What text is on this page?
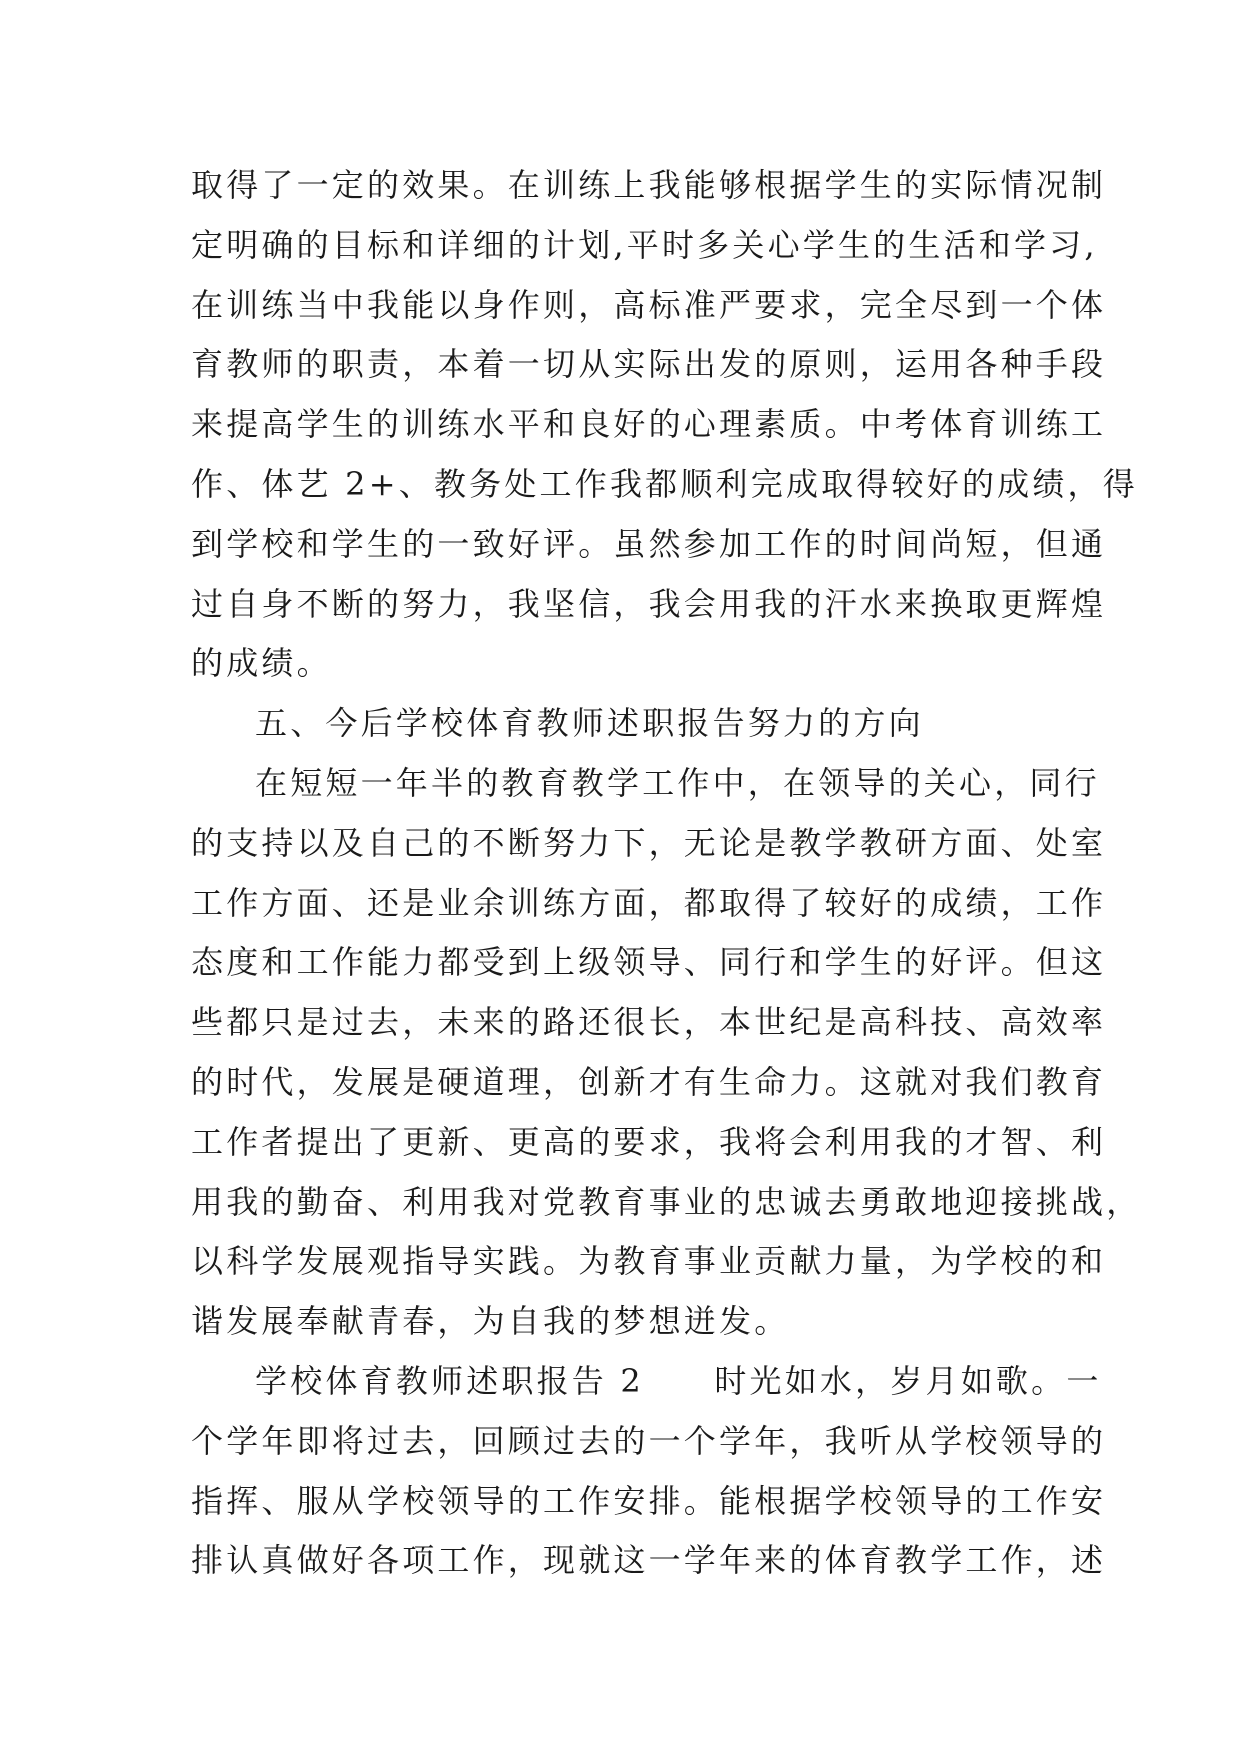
取得了一定的效果。在训练上我能够根据学生的实际情况制
定明确的目标和详细的计划,平时多关心学生的生活和学习,
在训练当中我能以身作则，高标准严要求，完全尽到一个体
育教师的职责，本着一切从实际出发的原则，运用各种手段
来提高学生的训练水平和良好的心理素质。中考体育训练工
作、体艺 2+、教务处工作我都顺利完成取得较好的成绩，得
到学校和学生的一致好评。虽然参加工作的时间尚短，但通
过自身不断的努力，我坚信，我会用我的汗水来换取更辉煌
的成绩。
五、今后学校体育教师述职报告努力的方向
在短短一年半的教育教学工作中，在领导的关心，同行
的支持以及自己的不断努力下，无论是教学教研方面、处室
工作方面、还是业余训练方面，都取得了较好的成绩，工作
态度和工作能力都受到上级领导、同行和学生的好评。但这
些都只是过去，未来的路还很长，本世纪是高科技、高效率
的时代，发展是硬道理，创新才有生命力。这就对我们教育
工作者提出了更新、更高的要求，我将会利用我的才智、利
用我的勤奋、利用我对党教育事业的忠诚去勇敢地迎接挑战，
以科学发展观指导实践。为教育事业贡献力量，为学校的和
谐发展奉献青春，为自我的梦想迸发。
学校体育教师述职报告 2　　时光如水，岁月如歌。一
个学年即将过去，回顾过去的一个学年，我听从学校领导的
指挥、服从学校领导的工作安排。能根据学校领导的工作安
排认真做好各项工作，现就这一学年来的体育教学工作，述
